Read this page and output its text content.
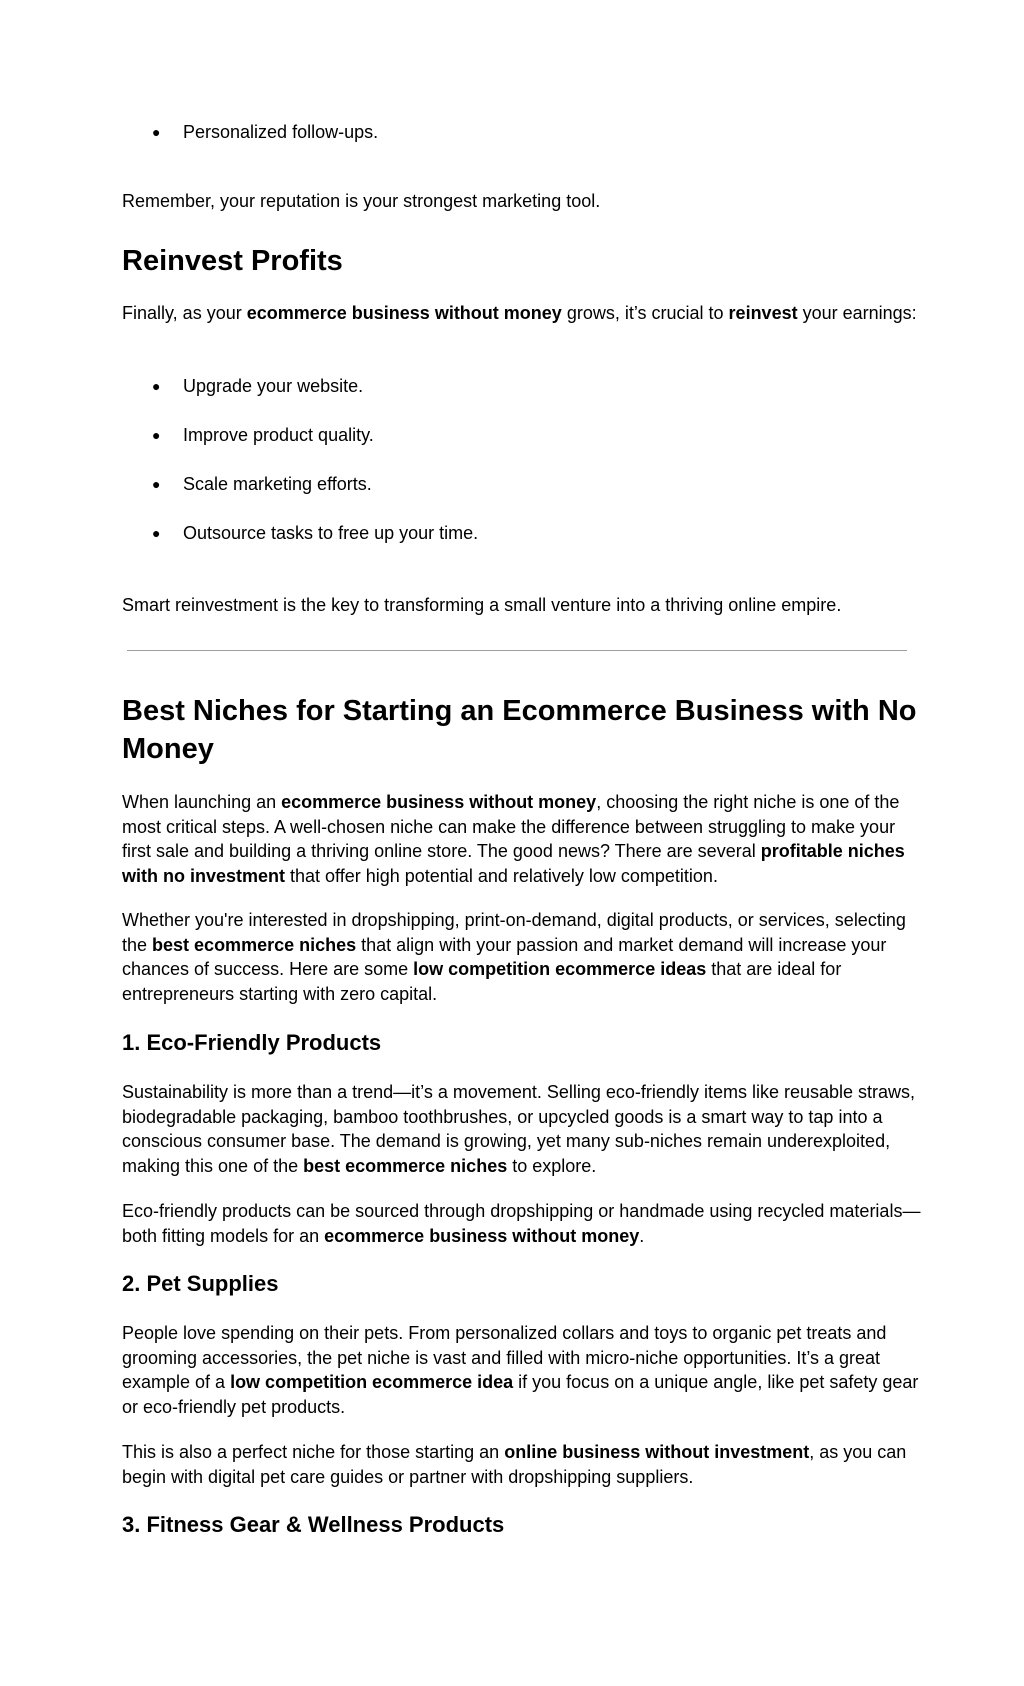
● Personalized follow-ups.

Remember, your reputation is your strongest marketing tool.

Reinvest Profits

Finally, as your ecommerce business without money grows, it’s crucial to reinvest your earnings:

● Upgrade your website.
● Improve product quality.
● Scale marketing efforts.
● Outsource tasks to free up your time.

Smart reinvestment is the key to transforming a small venture into a thriving online empire.

Best Niches for Starting an Ecommerce Business with No Money

When launching an ecommerce business without money, choosing the right niche is one of the most critical steps. A well-chosen niche can make the difference between struggling to make your first sale and building a thriving online store. The good news? There are several profitable niches with no investment that offer high potential and relatively low competition.

Whether you're interested in dropshipping, print-on-demand, digital products, or services, selecting the best ecommerce niches that align with your passion and market demand will increase your chances of success. Here are some low competition ecommerce ideas that are ideal for entrepreneurs starting with zero capital.

1. Eco-Friendly Products

Sustainability is more than a trend—it’s a movement. Selling eco-friendly items like reusable straws, biodegradable packaging, bamboo toothbrushes, or upcycled goods is a smart way to tap into a conscious consumer base. The demand is growing, yet many sub-niches remain underexploited, making this one of the best ecommerce niches to explore.

Eco-friendly products can be sourced through dropshipping or handmade using recycled materials—both fitting models for an ecommerce business without money.

2. Pet Supplies

People love spending on their pets. From personalized collars and toys to organic pet treats and grooming accessories, the pet niche is vast and filled with micro-niche opportunities. It’s a great example of a low competition ecommerce idea if you focus on a unique angle, like pet safety gear or eco-friendly pet products.

This is also a perfect niche for those starting an online business without investment, as you can begin with digital pet care guides or partner with dropshipping suppliers.

3. Fitness Gear & Wellness Products
